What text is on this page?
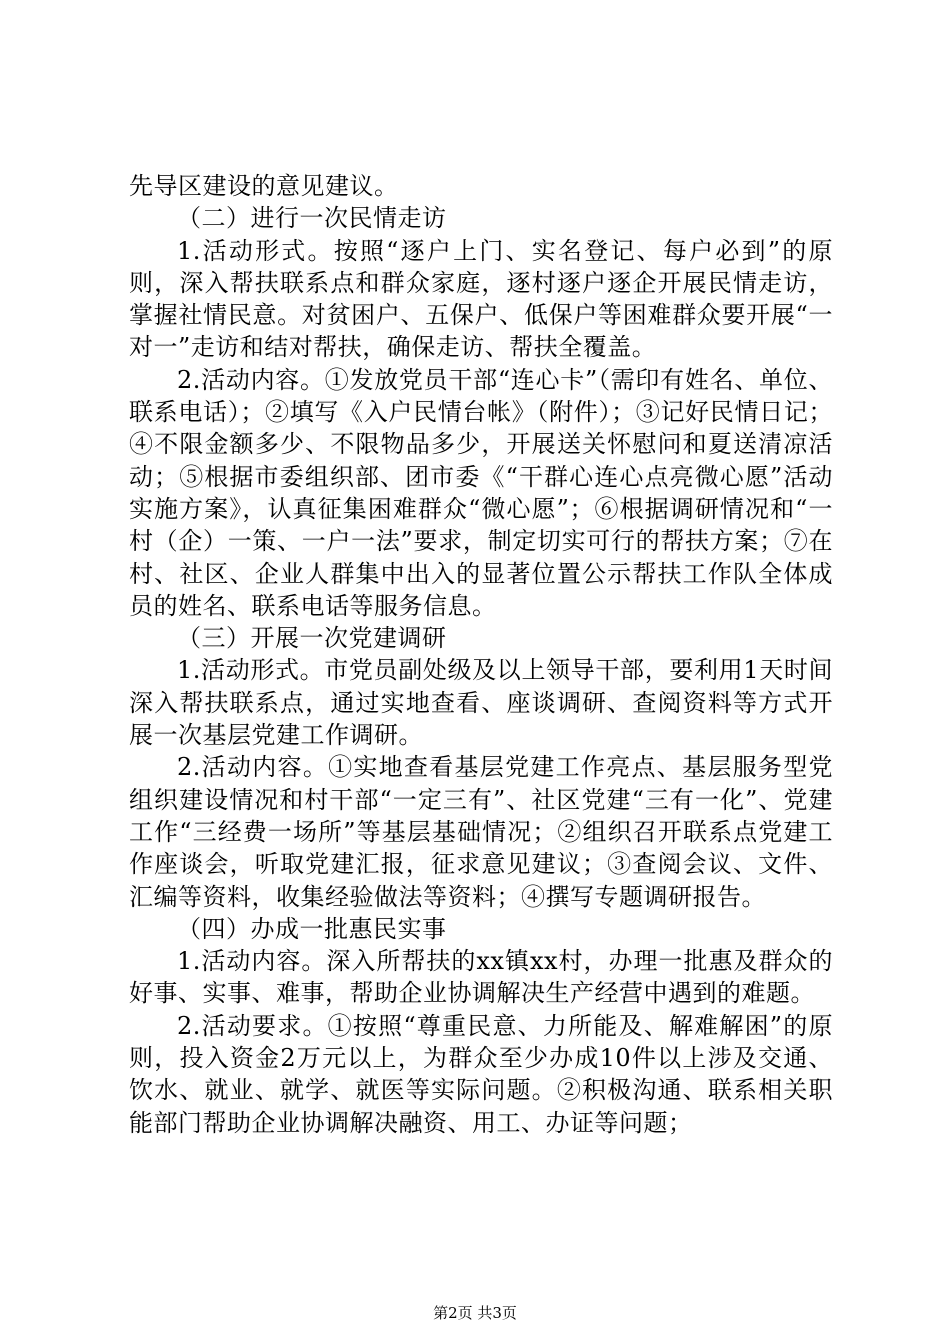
先导区建设的意见建议。

（二）进行一次民情走访

1.活动形式。按照“逐户上门、实名登记、每户必到”的原则，深入帮扶联系点和群众家庭，逐村逐户逐企开展民情走访，掌握社情民意。对贫困户、五保户、低保户等困难群众要开展“一对一”走访和结对帮扶，确保走访、帮扶全覆盖。

2.活动内容。①发放党员干部“连心卡”（需印有姓名、单位、联系电话）；②填写《入户民情台帐》（附件）；③记好民情日记；④不限金额多少、不限物品多少，开展送关怀慰问和夏送清凉活动；⑤根据市委组织部、团市委《“干群心连心点亮微心愿”活动实施方案》，认真征集困难群众“微心愿”；⑥根据调研情况和“一村（企）一策、一户一法”要求，制定切实可行的帮扶方案；⑦在村、社区、企业人群集中出入的显著位置公示帮扶工作队全体成员的姓名、联系电话等服务信息。

（三）开展一次党建调研

1.活动形式。市党员副处级及以上领导干部，要利用1天时间深入帮扶联系点，通过实地查看、座谈调研、查阅资料等方式开展一次基层党建工作调研。

2.活动内容。①实地查看基层党建工作亮点、基层服务型党组织建设情况和村干部“一定三有”、社区党建“三有一化”、党建工作“三经费一场所”等基层基础情况；②组织召开联系点党建工作座谈会，听取党建汇报，征求意见建议；③查阅会议、文件、汇编等资料，收集经验做法等资料；④撰写专题调研报告。

（四）办成一批惠民实事

1.活动内容。深入所帮扶的xx镇xx村，办理一批惠及群众的好事、实事、难事，帮助企业协调解决生产经营中遇到的难题。

2.活动要求。①按照“尊重民意、力所能及、解难解困”的原则，投入资金2万元以上，为群众至少办成10件以上涉及交通、饮水、就业、就学、就医等实际问题。②积极沟通、联系相关职能部门帮助企业协调解决融资、用工、办证等问题；

第2页 共3页
